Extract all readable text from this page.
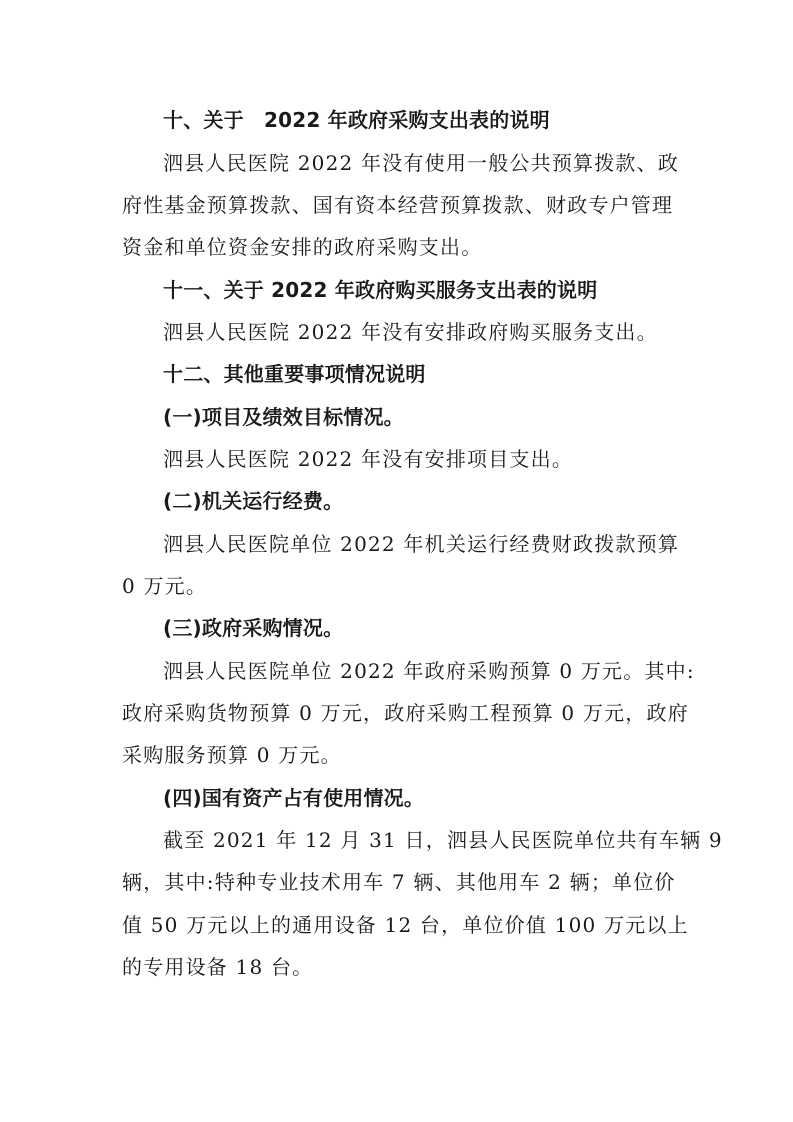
十、关于　2022 年政府采购支出表的说明
泗县人民医院 2022 年没有使用一般公共预算拨款、政
府性基金预算拨款、国有资本经营预算拨款、财政专户管理
资金和单位资金安排的政府采购支出。
十一、关于 2022 年政府购买服务支出表的说明
泗县人民医院 2022 年没有安排政府购买服务支出。
十二、其他重要事项情况说明
(一)项目及绩效目标情况。
泗县人民医院 2022 年没有安排项目支出。
(二)机关运行经费。
泗县人民医院单位 2022 年机关运行经费财政拨款预算
0 万元。
(三)政府采购情况。
泗县人民医院单位 2022 年政府采购预算 0 万元。其中:
政府采购货物预算 0 万元，政府采购工程预算 0 万元，政府
采购服务预算 0 万元。
(四)国有资产占有使用情况。
截至 2021 年 12 月 31 日，泗县人民医院单位共有车辆 9
辆，其中:特种专业技术用车 7 辆、其他用车 2 辆；单位价
值 50 万元以上的通用设备 12 台，单位价值 100 万元以上
的专用设备 18 台。
